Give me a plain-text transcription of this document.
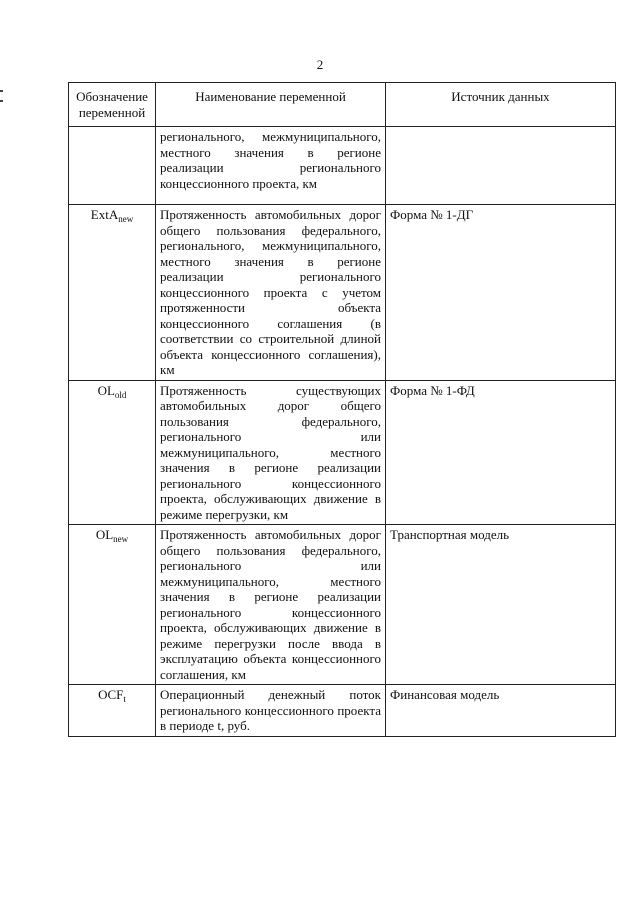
2
Обозначение переменной	Наименование переменной	Источник данных
	регионального, межмуниципального, местного значения в регионе реализации регионального концессионного проекта, км	
ExtA$_{new}$	Протяженность автомобильных дорог общего пользования федерального, регионального, межмуниципального, местного значения в регионе реализации регионального концессионного проекта с учетом протяженности объекта концессионного соглашения (в соответствии со строительной длиной объекта концессионного соглашения), км	Форма № 1-ДГ
$OL_{old}$	Протяженность существующих автомобильных дорог общего пользования федерального, регионального или межмуниципального, местного значения в регионе реализации регионального концессионного проекта, обслуживающих движение в режиме перегрузки, км	Форма № 1-ФД
$OL_{new}$	Протяженность автомобильных дорог общего пользования федерального, регионального или межмуниципального, местного значения в регионе реализации регионального концессионного проекта, обслуживающих движение в режиме перегрузки после ввода в эксплуатацию объекта концессионного соглашения, км	Транспортная модель
$OCF_t$	Операционный денежный поток регионального концессионного проекта в периоде t, руб.	Финансовая модель
